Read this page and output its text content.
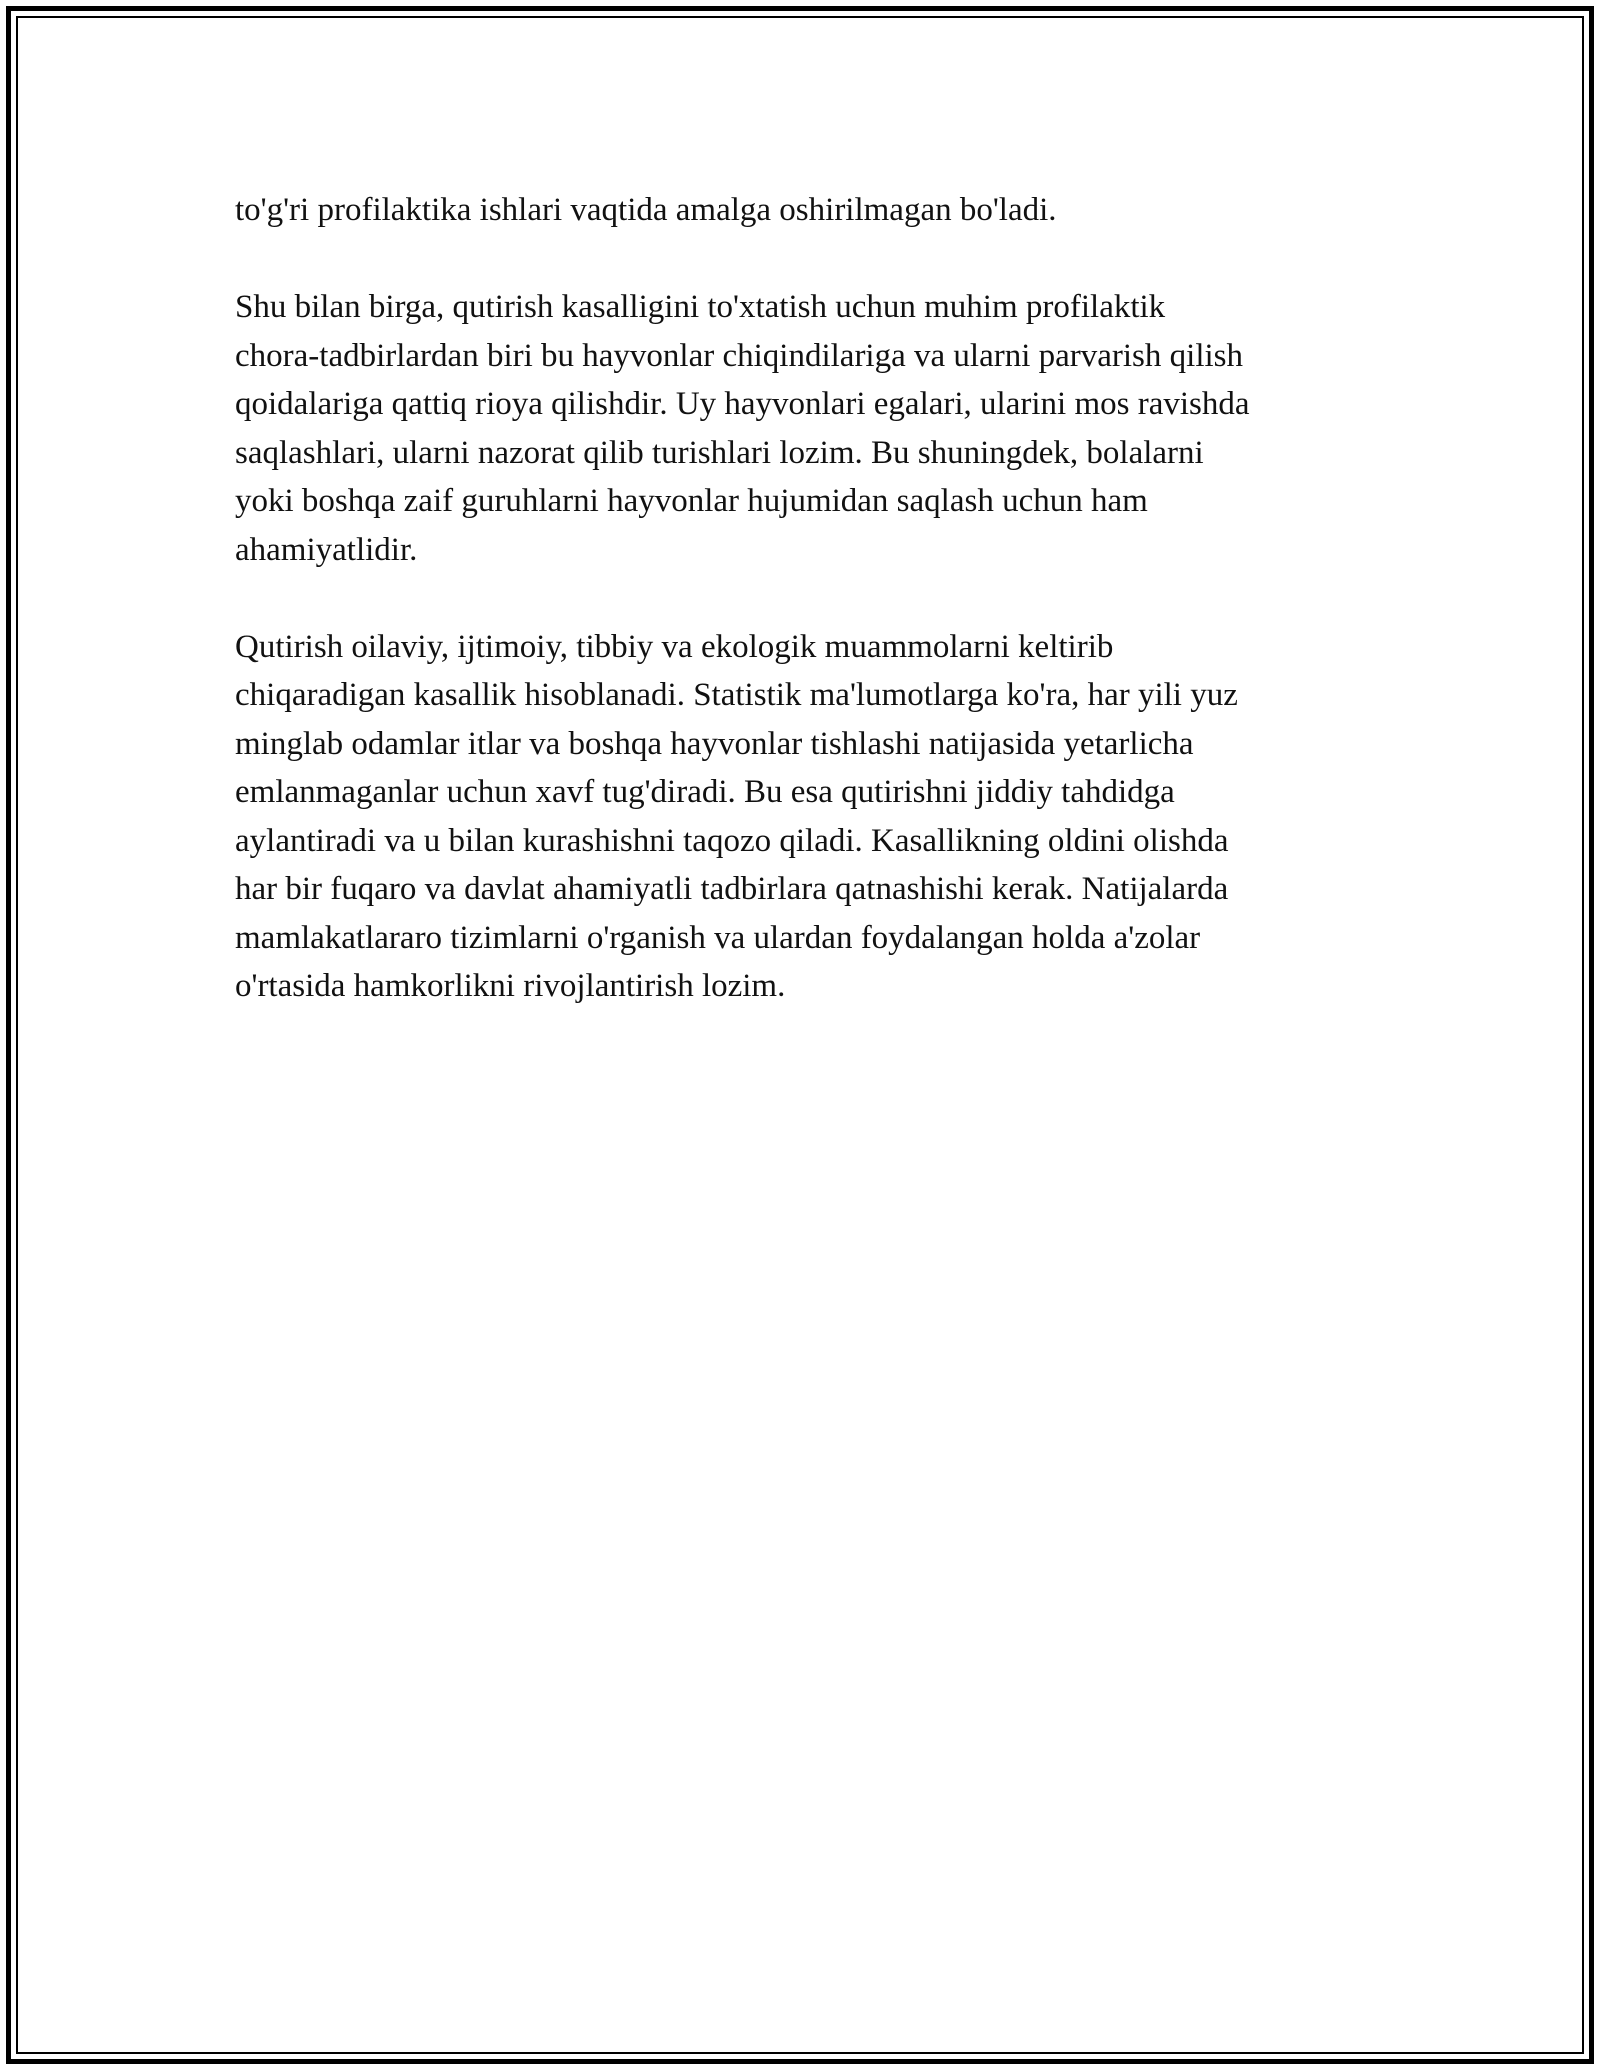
to'g'ri profilaktika ishlari vaqtida amalga oshirilmagan bo'ladi.

Shu bilan birga, qutirish kasalligini to'xtatish uchun muhim profilaktik
chora-tadbirlardan biri bu hayvonlar chiqindilariga va ularni parvarish qilish
qoidalariga qattiq rioya qilishdir. Uy hayvonlari egalari, ularini mos ravishda
saqlashlari, ularni nazorat qilib turishlari lozim. Bu shuningdek, bolalarni
yoki boshqa zaif guruhlarni hayvonlar hujumidan saqlash uchun ham
ahamiyatlidir.

Qutirish oilaviy, ijtimoiy, tibbiy va ekologik muammolarni keltirib
chiqaradigan kasallik hisoblanadi. Statistik ma'lumotlarga ko'ra, har yili yuz
minglab odamlar itlar va boshqa hayvonlar tishlashi natijasida yetarlicha
emlanmaganlar uchun xavf tug'diradi. Bu esa qutirishni jiddiy tahdidga
aylantiradi va u bilan kurashishni taqozo qiladi. Kasallikning oldini olishda
har bir fuqaro va davlat ahamiyatli tadbirlara qatnashishi kerak. Natijalarda
mamlakatlararo tizimlarni o'rganish va ulardan foydalangan holda a'zolar
o'rtasida hamkorlikni rivojlantirish lozim.
